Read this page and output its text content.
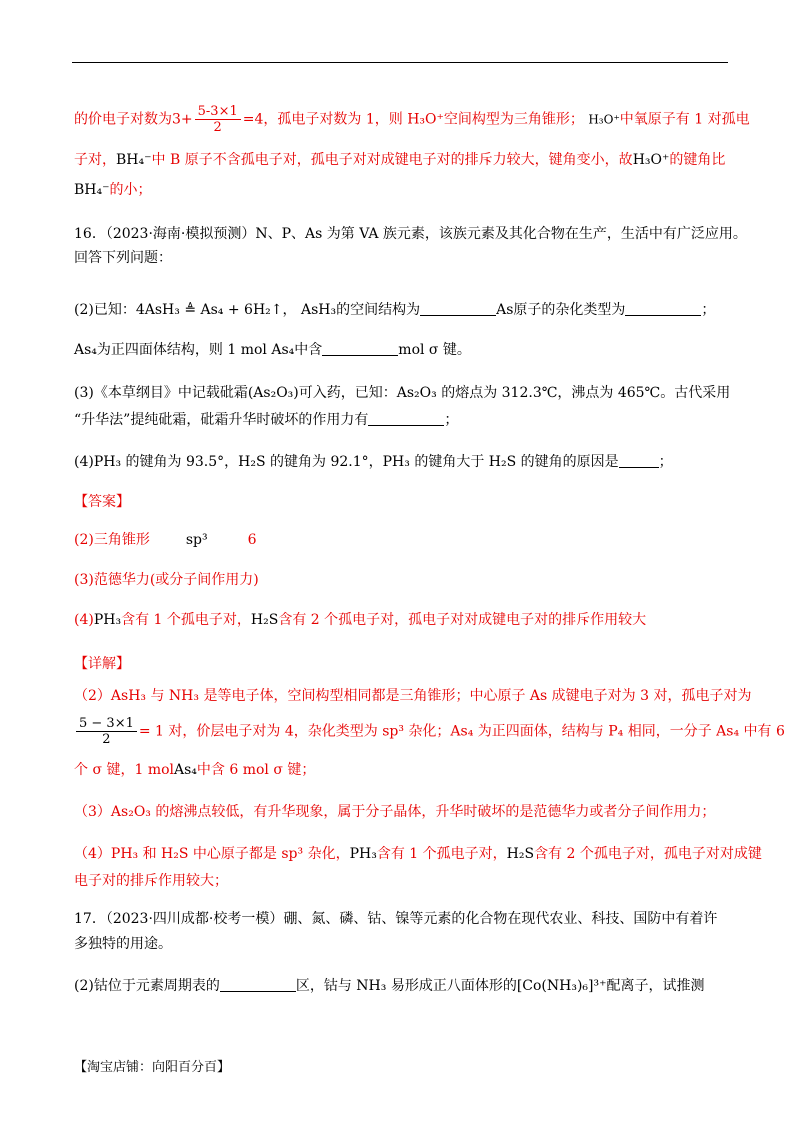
的价电子对数为$3+ \frac{5-3\times 1}{2} =4$，孤电子对数为 1，则 H₃O⁺空间构型为三角锥形； H₃O⁺中氧原子有 1 对孤电
子对，BH₄⁻中 B 原子不含孤电子对，孤电子对对成键电子对的排斥力较大，键角变小，故H₃O⁺的键角比
BH₄⁻的小；
16．（2023·海南·模拟预测）N、P、As 为第 VA 族元素，该族元素及其化合物在生产，生活中有广泛应用。
回答下列问题：
(2)已知：4AsH₃ ≜ As₄ + 6H₂↑， AsH₃的空间结构为	As原子的杂化类型为	；
As₄为正四面体结构，则 1 mol As₄中含	mol σ 键。
(3)《本草纲目》中记载砒霜(As₂O₃)可入药，已知：As₂O₃ 的熔点为 312.3℃，沸点为 465℃。古代采用
“升华法”提纯砒霜，砒霜升华时破坏的作用力有	；
(4)PH₃ 的键角为 93.5°，H₂S 的键角为 92.1°，PH₃ 的键角大于 H₂S 的键角的原因是	；
【答案】
(2)三角锥形	sp³	6
(3)范德华力(或分子间作用力)
(4)PH₃含有 1 个孤电子对，H₂S含有 2 个孤电子对，孤电子对对成键电子对的排斥作用较大
【详解】
（2）AsH₃ 与 NH₃ 是等电子体，空间构型相同都是三角锥形；中心原子 As 成键电子对为 3 对，孤电子对为
$\frac{5 - 3\times 1}{2} = 1$ 对，价层电子对为 4，杂化类型为 sp³ 杂化；As₄ 为正四面体，结构与 P₄ 相同，一分子 As₄ 中有 6
个 σ 键，1 molAs₄中含 6 mol σ 键；
（3）As₂O₃ 的熔沸点较低，有升华现象，属于分子晶体，升华时破坏的是范德华力或者分子间作用力；
（4）PH₃ 和 H₂S 中心原子都是 sp³ 杂化，PH₃含有 1 个孤电子对，H₂S含有 2 个孤电子对，孤电子对对成键
电子对的排斥作用较大；
17．（2023·四川成都·校考一模）硼、氮、磷、钴、镍等元素的化合物在现代农业、科技、国防中有着许
多独特的用途。
(2)钴位于元素周期表的	区，钴与 NH₃ 易形成正八面体形的[Co(NH₃)₆]³⁺配离子，试推测
【淘宝店铺：向阳百分百】
